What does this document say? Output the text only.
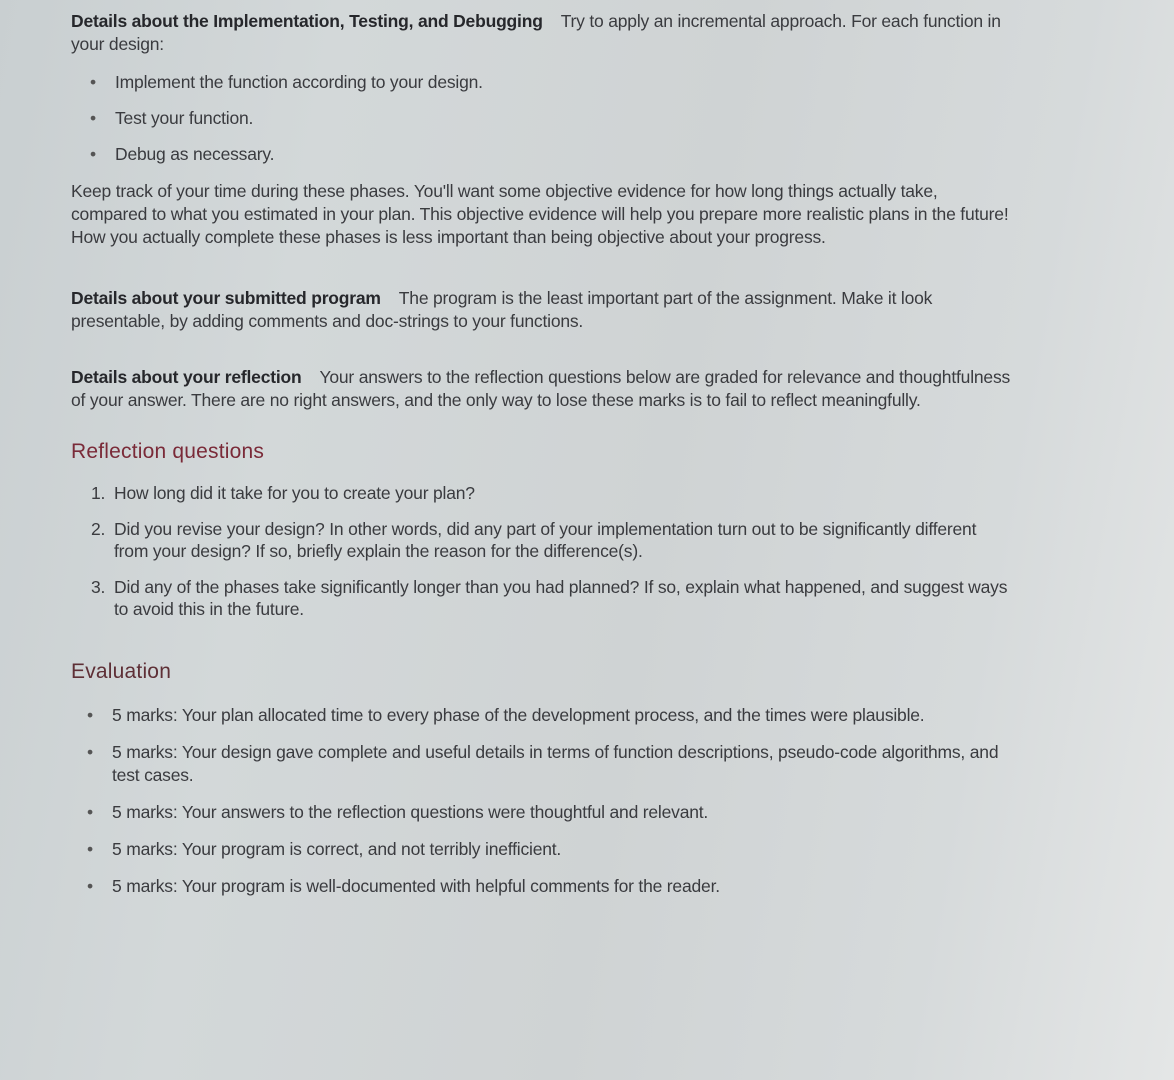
Details about the Implementation, Testing, and Debugging Try to apply an incremental approach. For each function in your design:

• Implement the function according to your design.
• Test your function.
• Debug as necessary.

Keep track of your time during these phases. You'll want some objective evidence for how long things actually take, compared to what you estimated in your plan. This objective evidence will help you prepare more realistic plans in the future! How you actually complete these phases is less important than being objective about your progress.

Details about your submitted program The program is the least important part of the assignment. Make it look presentable, by adding comments and doc-strings to your functions.

Details about your reflection Your answers to the reflection questions below are graded for relevance and thoughtfulness of your answer. There are no right answers, and the only way to lose these marks is to fail to reflect meaningfully.

Reflection questions
1. How long did it take for you to create your plan?
2. Did you revise your design? In other words, did any part of your implementation turn out to be significantly different from your design? If so, briefly explain the reason for the difference(s).
3. Did any of the phases take significantly longer than you had planned? If so, explain what happened, and suggest ways to avoid this in the future.
Evaluation
• 5 marks: Your plan allocated time to every phase of the development process, and the times were plausible.
• 5 marks: Your design gave complete and useful details in terms of function descriptions, pseudo-code algorithms, and test cases.
• 5 marks: Your answers to the reflection questions were thoughtful and relevant.
• 5 marks: Your program is correct, and not terribly inefficient.
• 5 marks: Your program is well-documented with helpful comments for the reader.
